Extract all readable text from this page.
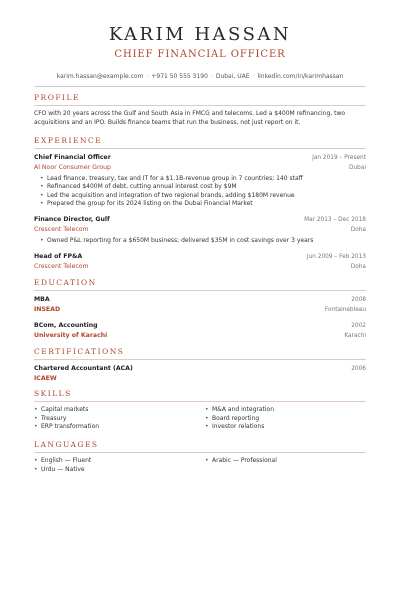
KARIM HASSAN
CHIEF FINANCIAL OFFICER
karim.hassan@example.com · +971 50 555 3190 · Dubai, UAE · linkedin.com/in/karimhassan
PROFILE
CFO with 20 years across the Gulf and South Asia in FMCG and telecoms. Led a $400M refinancing, two acquisitions and an IPO. Builds finance teams that run the business, not just report on it.
EXPERIENCE
Chief Financial Officer	Jan 2019 – Present
Al Noor Consumer Group	Dubai
• Lead finance, treasury, tax and IT for a $1.1B-revenue group in 7 countries; 140 staff
• Refinanced $400M of debt, cutting annual interest cost by $9M
• Led the acquisition and integration of two regional brands, adding $180M revenue
• Prepared the group for its 2024 listing on the Dubai Financial Market
Finance Director, Gulf	Mar 2013 – Dec 2018
Crescent Telecom	Doha
• Owned P&L reporting for a $650M business; delivered $35M in cost savings over 3 years
Head of FP&A	Jun 2009 – Feb 2013
Crescent Telecom	Doha
EDUCATION
MBA	2008
INSEAD	Fontainebleau
BCom, Accounting	2002
University of Karachi	Karachi
CERTIFICATIONS
Chartered Accountant (ACA)	2006
ICAEW
SKILLS
• Capital markets	• M&A and integration
• Treasury	• Board reporting
• ERP transformation	• Investor relations
LANGUAGES
• English — Fluent	• Arabic — Professional
• Urdu — Native
